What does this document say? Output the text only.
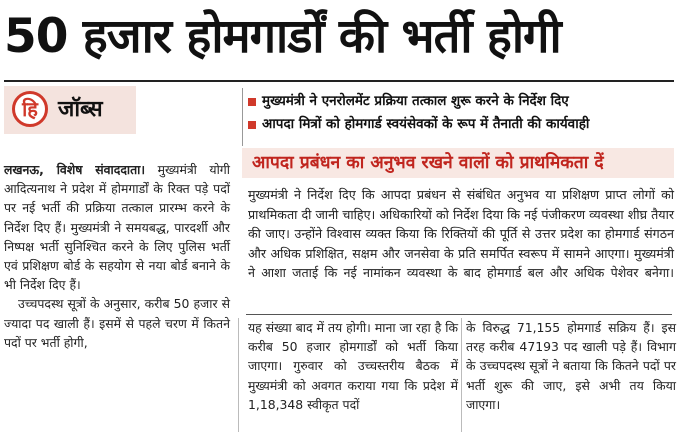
50 हजार होमगार्डों की भर्ती होगी
हि जॉब्स	मुख्यमंत्री ने एनरोलमेंट प्रक्रिया तत्काल शुरू करने के निर्देश दिए
आपदा मित्रों को होमगार्ड स्वयंसेवकों के रूप में तैनाती की कार्यवाही
आपदा प्रबंधन का अनुभव रखने वालों को प्राथमिकता दें

मुख्यमंत्री ने निर्देश दिए कि आपदा प्रबंधन से संबंधित अनुभव या प्रशिक्षण प्राप्त लोगों को प्राथमिकता दी जानी चाहिए। अधिकारियों को निर्देश दिया कि नई पंजीकरण व्यवस्था शीघ्र तैयार की जाए। उन्होंने विश्वास व्यक्त किया कि रिक्तियों की पूर्ति से उत्तर प्रदेश का होमगार्ड संगठन और अधिक प्रशिक्षित, सक्षम और जनसेवा के प्रति समर्पित स्वरूप में सामने आएगा। मुख्यमंत्री ने आशा जताई कि नई नामांकन व्यवस्था के बाद होमगार्ड बल और अधिक पेशेवर बनेगा।

लखनऊ, विशेष संवाददाता। मुख्यमंत्री योगी आदित्यनाथ ने प्रदेश में होमगार्डों के रिक्त पड़े पदों पर नई भर्ती की प्रक्रिया तत्काल प्रारम्भ करने के निर्देश दिए हैं। मुख्यमंत्री ने समयबद्ध, पारदर्शी और निष्पक्ष भर्ती सुनिश्चित करने के लिए पुलिस भर्ती एवं प्रशिक्षण बोर्ड के सहयोग से नया बोर्ड बनाने के भी निर्देश दिए हैं।

उच्चपदस्थ सूत्रों के अनुसार, करीब 50 हजार से ज्यादा पद खाली हैं। इसमें से पहले चरण में कितने पदों पर भर्ती होगी,

यह संख्या बाद में तय होगी। माना जा रहा है कि करीब 50 हजार होमगार्डों को भर्ती किया जाएगा। गुरुवार को उच्चस्तरीय बैठक में मुख्यमंत्री को अवगत कराया गया कि प्रदेश में 1,18,348 स्वीकृत पदों

के विरुद्ध 71,155 होमगार्ड सक्रिय हैं। इस तरह करीब 47193 पद खाली पड़े हैं। विभाग के उच्चपदस्थ सूत्रों ने बताया कि कितने पदों पर भर्ती शुरू की जाए, इसे अभी तय किया जाएगा।
